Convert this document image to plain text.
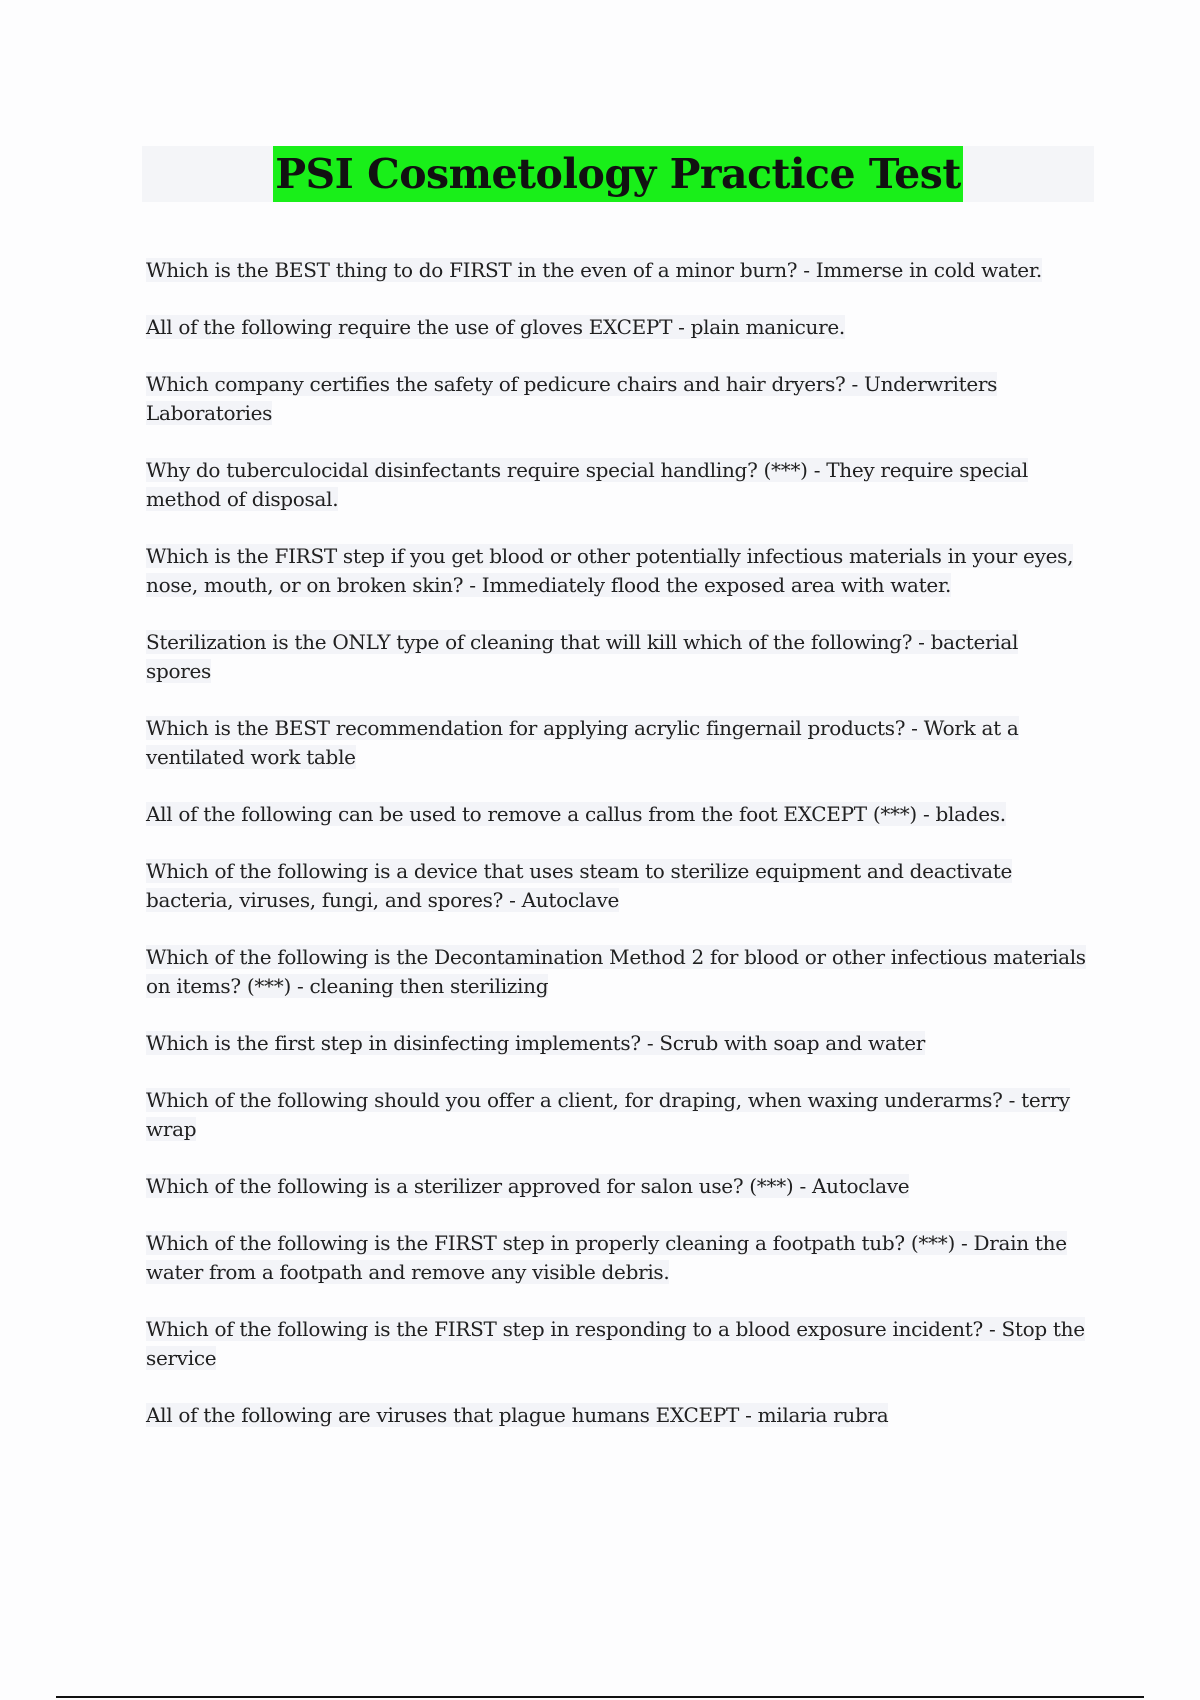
PSI Cosmetology Practice Test
Which is the BEST thing to do FIRST in the even of a minor burn? - Immerse in cold water.
All of the following require the use of gloves EXCEPT - plain manicure.
Which company certifies the safety of pedicure chairs and hair dryers? - Underwriters Laboratories
Why do tuberculocidal disinfectants require special handling? (***) - They require special method of disposal.
Which is the FIRST step if you get blood or other potentially infectious materials in your eyes, nose, mouth, or on broken skin? - Immediately flood the exposed area with water.
Sterilization is the ONLY type of cleaning that will kill which of the following? - bacterial spores
Which is the BEST recommendation for applying acrylic fingernail products? - Work at a ventilated work table
All of the following can be used to remove a callus from the foot EXCEPT (***) - blades.
Which of the following is a device that uses steam to sterilize equipment and deactivate bacteria, viruses, fungi, and spores? - Autoclave
Which of the following is the Decontamination Method 2 for blood or other infectious materials on items? (***) - cleaning then sterilizing
Which is the first step in disinfecting implements? - Scrub with soap and water
Which of the following should you offer a client, for draping, when waxing underarms? - terry wrap
Which of the following is a sterilizer approved for salon use? (***) - Autoclave
Which of the following is the FIRST step in properly cleaning a footpath tub? (***) - Drain the water from a footpath and remove any visible debris.
Which of the following is the FIRST step in responding to a blood exposure incident? - Stop the service
All of the following are viruses that plague humans EXCEPT - milaria rubra
